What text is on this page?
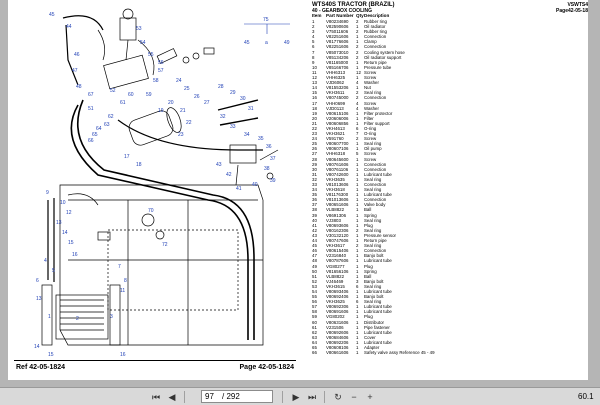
45
44
46
47
48
67
51
52
53
54
55
56
57
58
59
60
61
62
63
64
65
66
24
25
26
27
28
29
30
31
32
33
34
35
36
37
38
39
40
41
42
43
17
18
19
20
21
22
23
9
10
12
13
14
15
16
4
5
6
7
8
1	2	3
11
13
14
15	16
70
72
75
a
45	49
Ref 42-05-1824	Page 42-05-1824
WTS40S TRACTOR (BRAZIL)	VSWTS4
40 - GEARBOX COOLING	Page42-05-18
Item Part Number Qty Description
1	V80234690 2 Rubber ring
2	V82590606 1 Oil radiator
3	V75011606 2 Rubber ring
4	V82251606 1 Connection
5	V81776606 1 Clamp
6	V82251606 2 Connection
7	V85073010 2 Cooling system hose
8	V85134206 2 Oil radiator support
9	V81165000 1 Return pipe
10	V85166706 1 Pressure tube
11	VHH6313 12 Screw
12	VHH6325 1 Screw
13	VJD6062	4 Washer
14	V81553206 1 Nut
15	VKH3611	2 Seal ring
16	V80745000 2 Connection
17	VHH0699 4 Screw
18	VJD0113	4 Washer
19	V80615106 1 Filter protector
20	V20606006 1 Filter
21	V80606856 1 Filter support
22	VKH4613	6 O-ring
23	VKH3621	7 O-ring
24	V591760	2 Screw
25	V80607700 1 Seal ring
26	V80607106 1 Oil pump
27	VHH6318 5 Screw
28	V80645600 1 Screw
29	V80761606 1 Connection
30	V80761106 1 Connection
31	V80742600 1 Lubricant tube
32	VKH3635	1 Seal ring
33	V81013606 1 Connection
34	VKH3618	1 Seal ring
35	V81176300 1 Lubricant tube
36	V81013606 1 Connection
37	V80651606 1 Valve body
38	VLB8822	1 Ball
39	V8691306 1 Spring
40	VJ3803	1 Seal ring
41	V80693606 1 Plug
42	V80162306 2 Seal ring
43	V30132120 1 Pressure sensor
44	V80747606 1 Return pipe
45	VKH3617	2 Seal ring
46	V80615406 1 Connection
47	V2316840 1 Banjo bolt
48	V80787606 1 Lubricant tube
49	VG80277	1 Plug
50	V81656106 1 Spring
51	VLB8822	1 Ball
52	VJ46469	3 Banjo bolt
53	VKH3615	6 Seal ring
54	V80693406 1 Lubricant tube
55	V80692406 1 Banjo bolt
56	VKH3625	6 Seal ring
57	V80692306 1 Lubricant tube
58	V80691606 1 Lubricant tube
59	VG80202	1 Plug
60	V80631606 1 Distributor
61	V231506	1 Pipe fastener
62	V80692606 1 Lubricant tube
63	V80684606 1 Cover
64	V80692206 1 Lubricant tube
65	V80608106 1 Adapter
66	V80661606 1 Safety valve assy Reference 45 - 49
⏮ ◀	97 / 292	▶ ⏭ ↻	−	+	60.1
